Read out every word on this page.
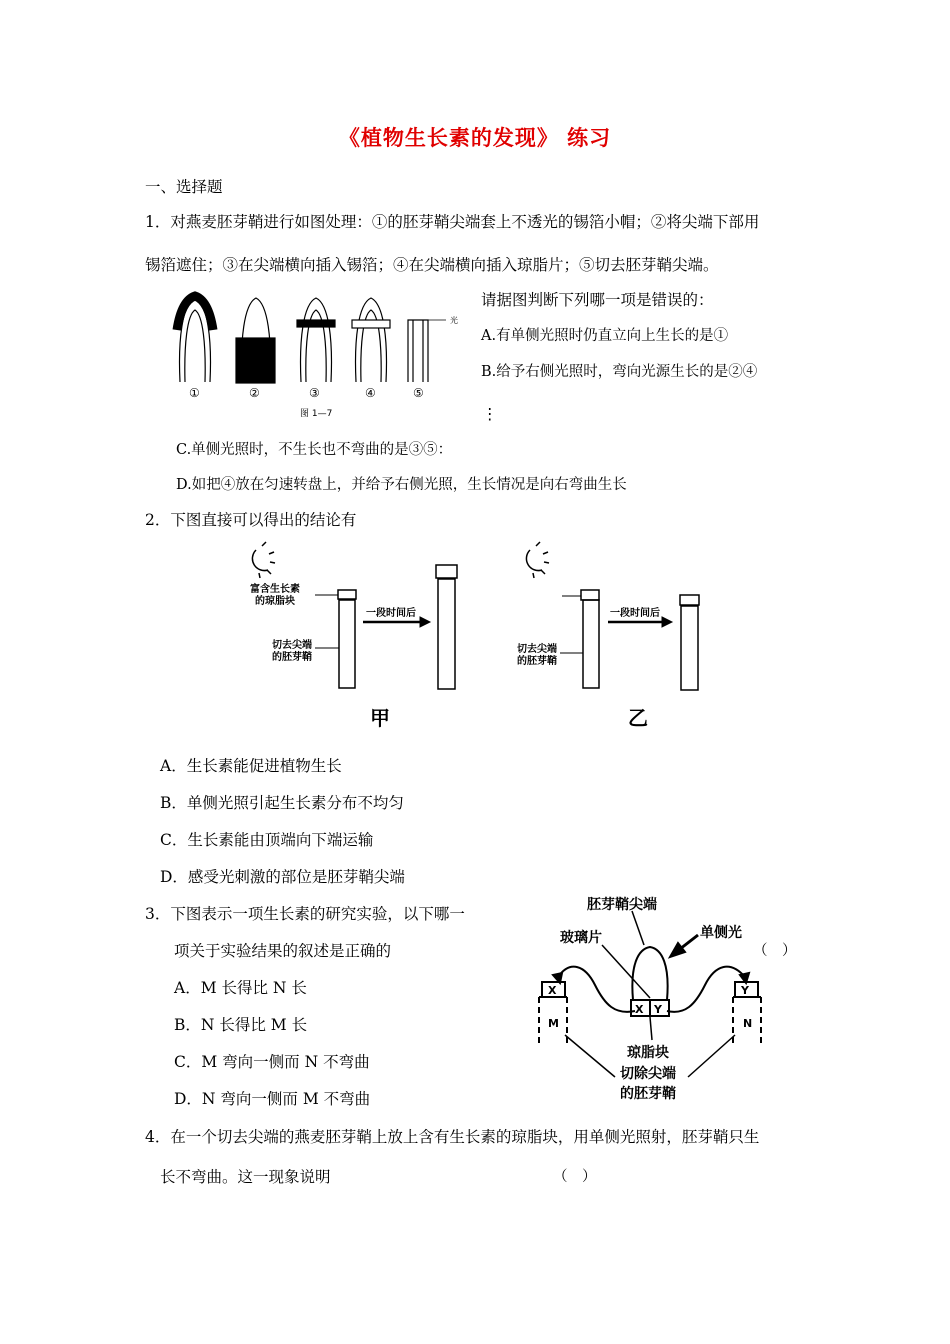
《植物生长素的发现》 练习
一、选择题
1．对燕麦胚芽鞘进行如图处理：①的胚芽鞘尖端套上不透光的锡箔小帽；②将尖端下部用
锡箔遮住；③在尖端横向插入锡箔；④在尖端横向插入琼脂片；⑤切去胚芽鞘尖端。
光
①	②	③	④	⑤
图 1—7
请据图判断下列哪一项是错误的：
A.有单侧光照时仍直立向上生长的是①
B.给予右侧光照时，弯向光源生长的是②④
⋮
C.单侧光照时，不生长也不弯曲的是③⑤：
D.如把④放在匀速转盘上，并给予右侧光照，生长情况是向右弯曲生长
2．下图直接可以得出的结论有
富含生长素
的琼脂块
切去尖端
的胚芽鞘
一段时间后
甲
切去尖端
的胚芽鞘
一段时间后
乙
A．生长素能促进植物生长
B．单侧光照引起生长素分布不均匀
C．生长素能由顶端向下端运输
D．感受光刺激的部位是胚芽鞘尖端
3．下图表示一项生长素的研究实验，以下哪一
项关于实验结果的叙述是正确的	（　）
A．M 长得比 N 长
B．N 长得比 M 长
C．M 弯向一侧而 N 不弯曲
D．N 弯向一侧而 M 不弯曲
胚芽鞘尖端
玻璃片	单侧光
X Y
X	Y
M	N
琼脂块
切除尖端
的胚芽鞘
4．在一个切去尖端的燕麦胚芽鞘上放上含有生长素的琼脂块，用单侧光照射，胚芽鞘只生
长不弯曲。这一现象说明	（　）
